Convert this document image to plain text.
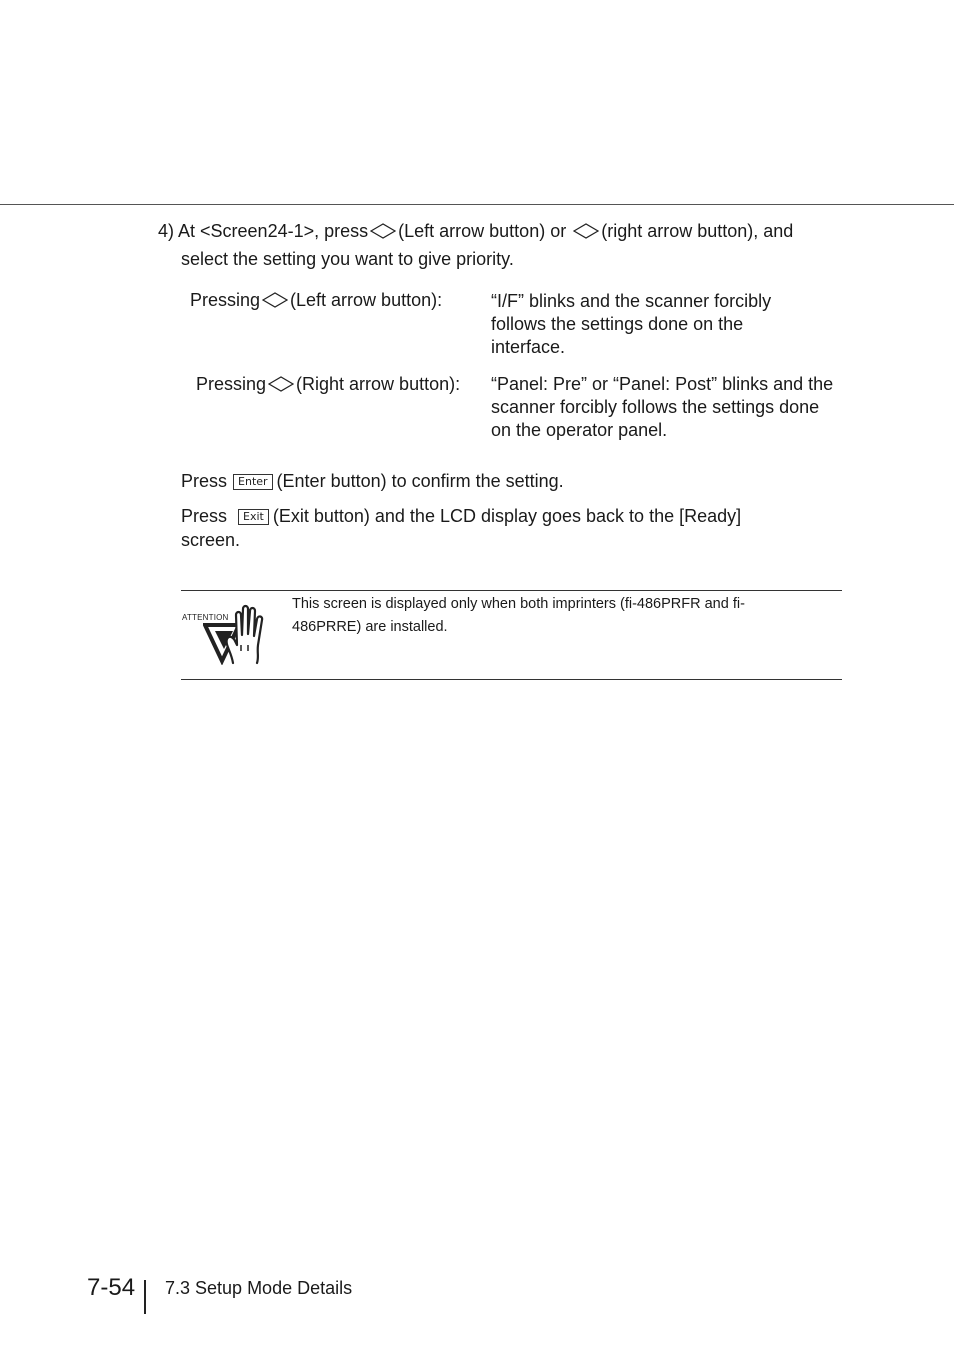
4) At <Screen24-1>, press (Left arrow button) or (right arrow button), and
select the setting you want to give priority.
Pressing (Left arrow button):	“I/F” blinks and the scanner forcibly follows the settings done on the interface.
Pressing (Right arrow button): “Panel: Pre” or “Panel: Post” blinks and the scanner forcibly follows the settings done on the operator panel.
Press Enter (Enter button) to confirm the setting.
Press Exit (Exit button) and the LCD display goes back to the [Ready]
screen.
ATTENTION
This screen is displayed only when both imprinters (fi-486PRFR and fi-486PRRE) are installed.
7-54 7.3 Setup Mode Details
